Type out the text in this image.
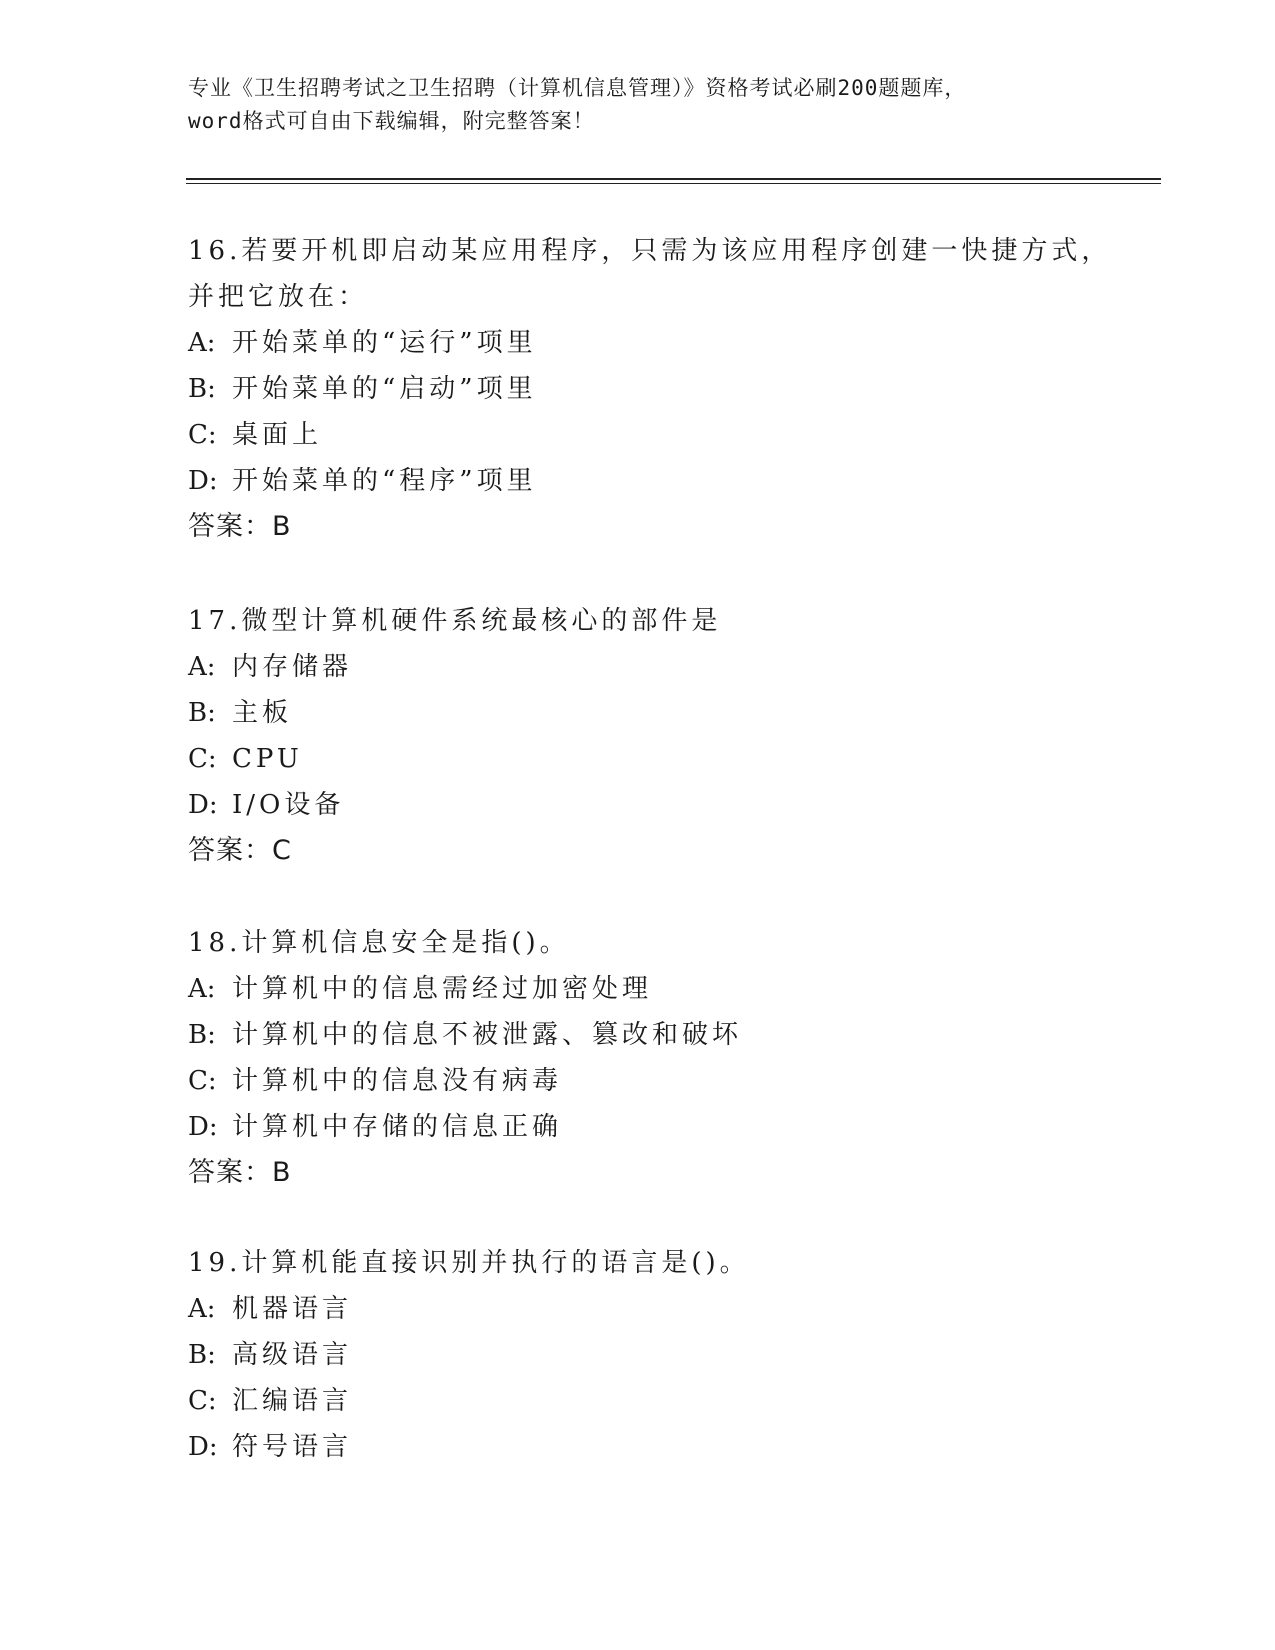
专业《卫生招聘考试之卫生招聘（计算机信息管理）》资格考试必刷200题题库，
word格式可自由下载编辑，附完整答案！
16.若要开机即启动某应用程序，只需为该应用程序创建一快捷方式，
并把它放在：
A: 开始菜单的“运行”项里
B: 开始菜单的“启动”项里
C: 桌面上
D: 开始菜单的“程序”项里
答案：B
17.微型计算机硬件系统最核心的部件是
A: 内存储器
B: 主板
C: CPU
D: I/O设备
答案：C
18.计算机信息安全是指()。
A: 计算机中的信息需经过加密处理
B: 计算机中的信息不被泄露、篡改和破坏
C: 计算机中的信息没有病毒
D: 计算机中存储的信息正确
答案：B
19.计算机能直接识别并执行的语言是()。
A: 机器语言
B: 高级语言
C: 汇编语言
D: 符号语言
